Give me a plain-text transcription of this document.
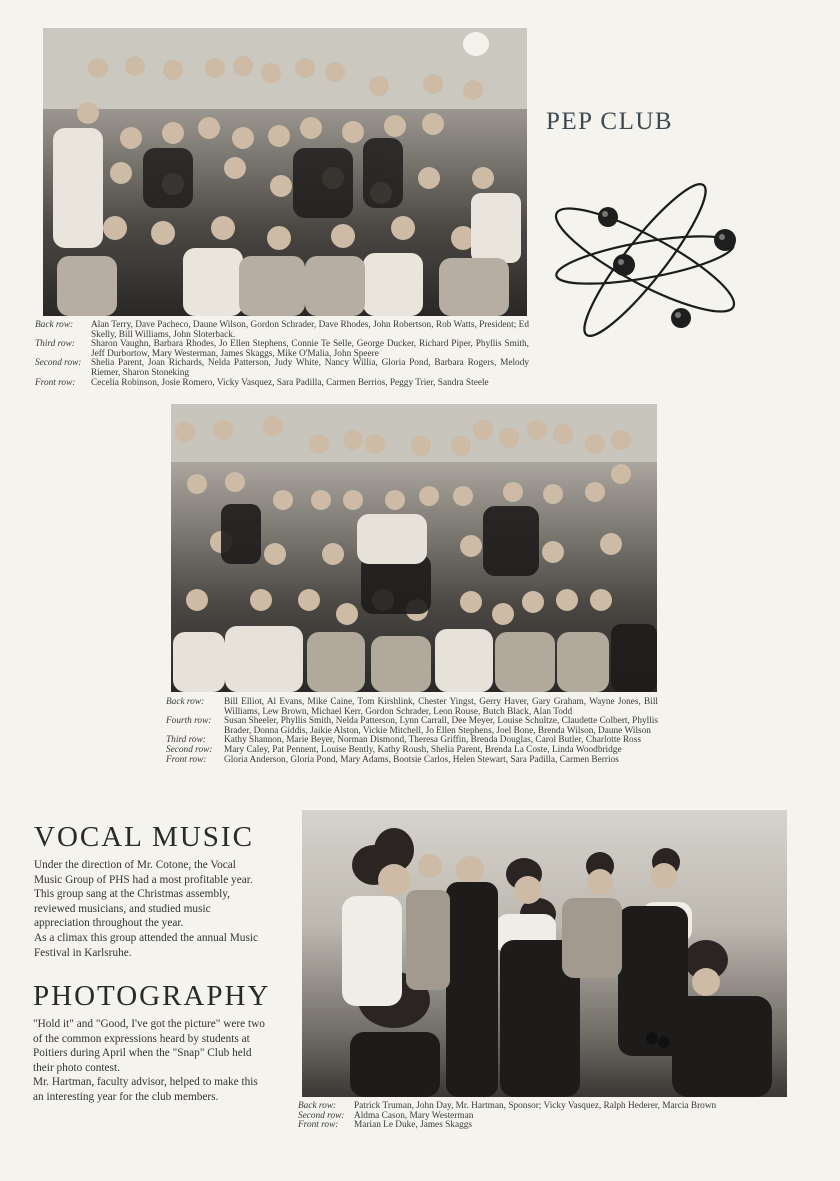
Back row:	Alan Terry, Dave Pacheco, Daune Wilson, Gordon Schrader, Dave Rhodes, John Robertson, Rob Watts, President; Ed Skelly, Bill Williams, John Sloterback.
Third row:	Sharon Vaughn, Barbara Rhodes, Jo Ellen Stephens, Connie Te Selle, George Ducker, Richard Piper, Phyllis Smith, Jeff Durbortow, Mary Westerman, James Skaggs, Mike O'Malia, John Speere
Second row:	Shelia Parent, Joan Richards, Nelda Patterson, Judy White, Nancy Willia, Gloria Pond, Barbara Rogers, Melody Riemer, Sharon Stoneking
Front row:	Cecelia Robinson, Josie Romero, Vicky Vasquez, Sara Padilla, Carmen Berrios, Peggy Trier, Sandra Steele
PEP CLUB
Back row:	Bill Elliot, Al Evans, Mike Caine, Tom Kirshlink, Chester Yingst, Gerry Haver, Gary Graham, Wayne Jones, Bill Williams, Lew Brown, Michael Kerr, Gordon Schrader, Leon Rouse, Butch Black, Alan Todd
Fourth row:	Susan Sheeler, Phyllis Smith, Nelda Patterson, Lynn Carrall, Dee Meyer, Louise Schultze, Claudette Colbert, Phyllis Brader, Donna Giddis, Jaikie Alston, Vickie Mitchell, Jo Ellen Stephens, Joel Bone, Brenda Wilson, Daune Wilson
Third row:	Kathy Shannon, Marie Beyer, Norman Dismond, Theresa Griffin, Brenda Douglas, Carol Butler, Charlotte Ross
Second row:	Mary Caley, Pat Pennent, Louise Bently, Kathy Roush, Shelia Parent, Brenda La Coste, Linda Woodbridge
Front row:	Gloria Anderson, Gloria Pond, Mary Adams, Bootsie Carlos, Helen Stewart, Sara Padilla, Carmen Berrios
VOCAL MUSIC
Under the direction of Mr. Cotone, the Vocal Music Group of PHS had a most profitable year. This group sang at the Christmas assembly, reviewed musicians, and studied music appreciation throughout the year.
As a climax this group attended the annual Music Festival in Karlsruhe.
PHOTOGRAPHY
"Hold it" and "Good, I've got the picture" were two of the common expressions heard by students at Poitiers during April when the "Snap" Club held their photo contest.
Mr. Hartman, faculty advisor, helped to make this an interesting year for the club members.
Back row:	Patrick Truman, John Day, Mr. Hartman, Sponsor; Vicky Vasquez, Ralph Hederer, Marcia Brown
Second row:	Aldma Cason, Mary Westerman
Front row:	Marian Le Duke, James Skaggs
